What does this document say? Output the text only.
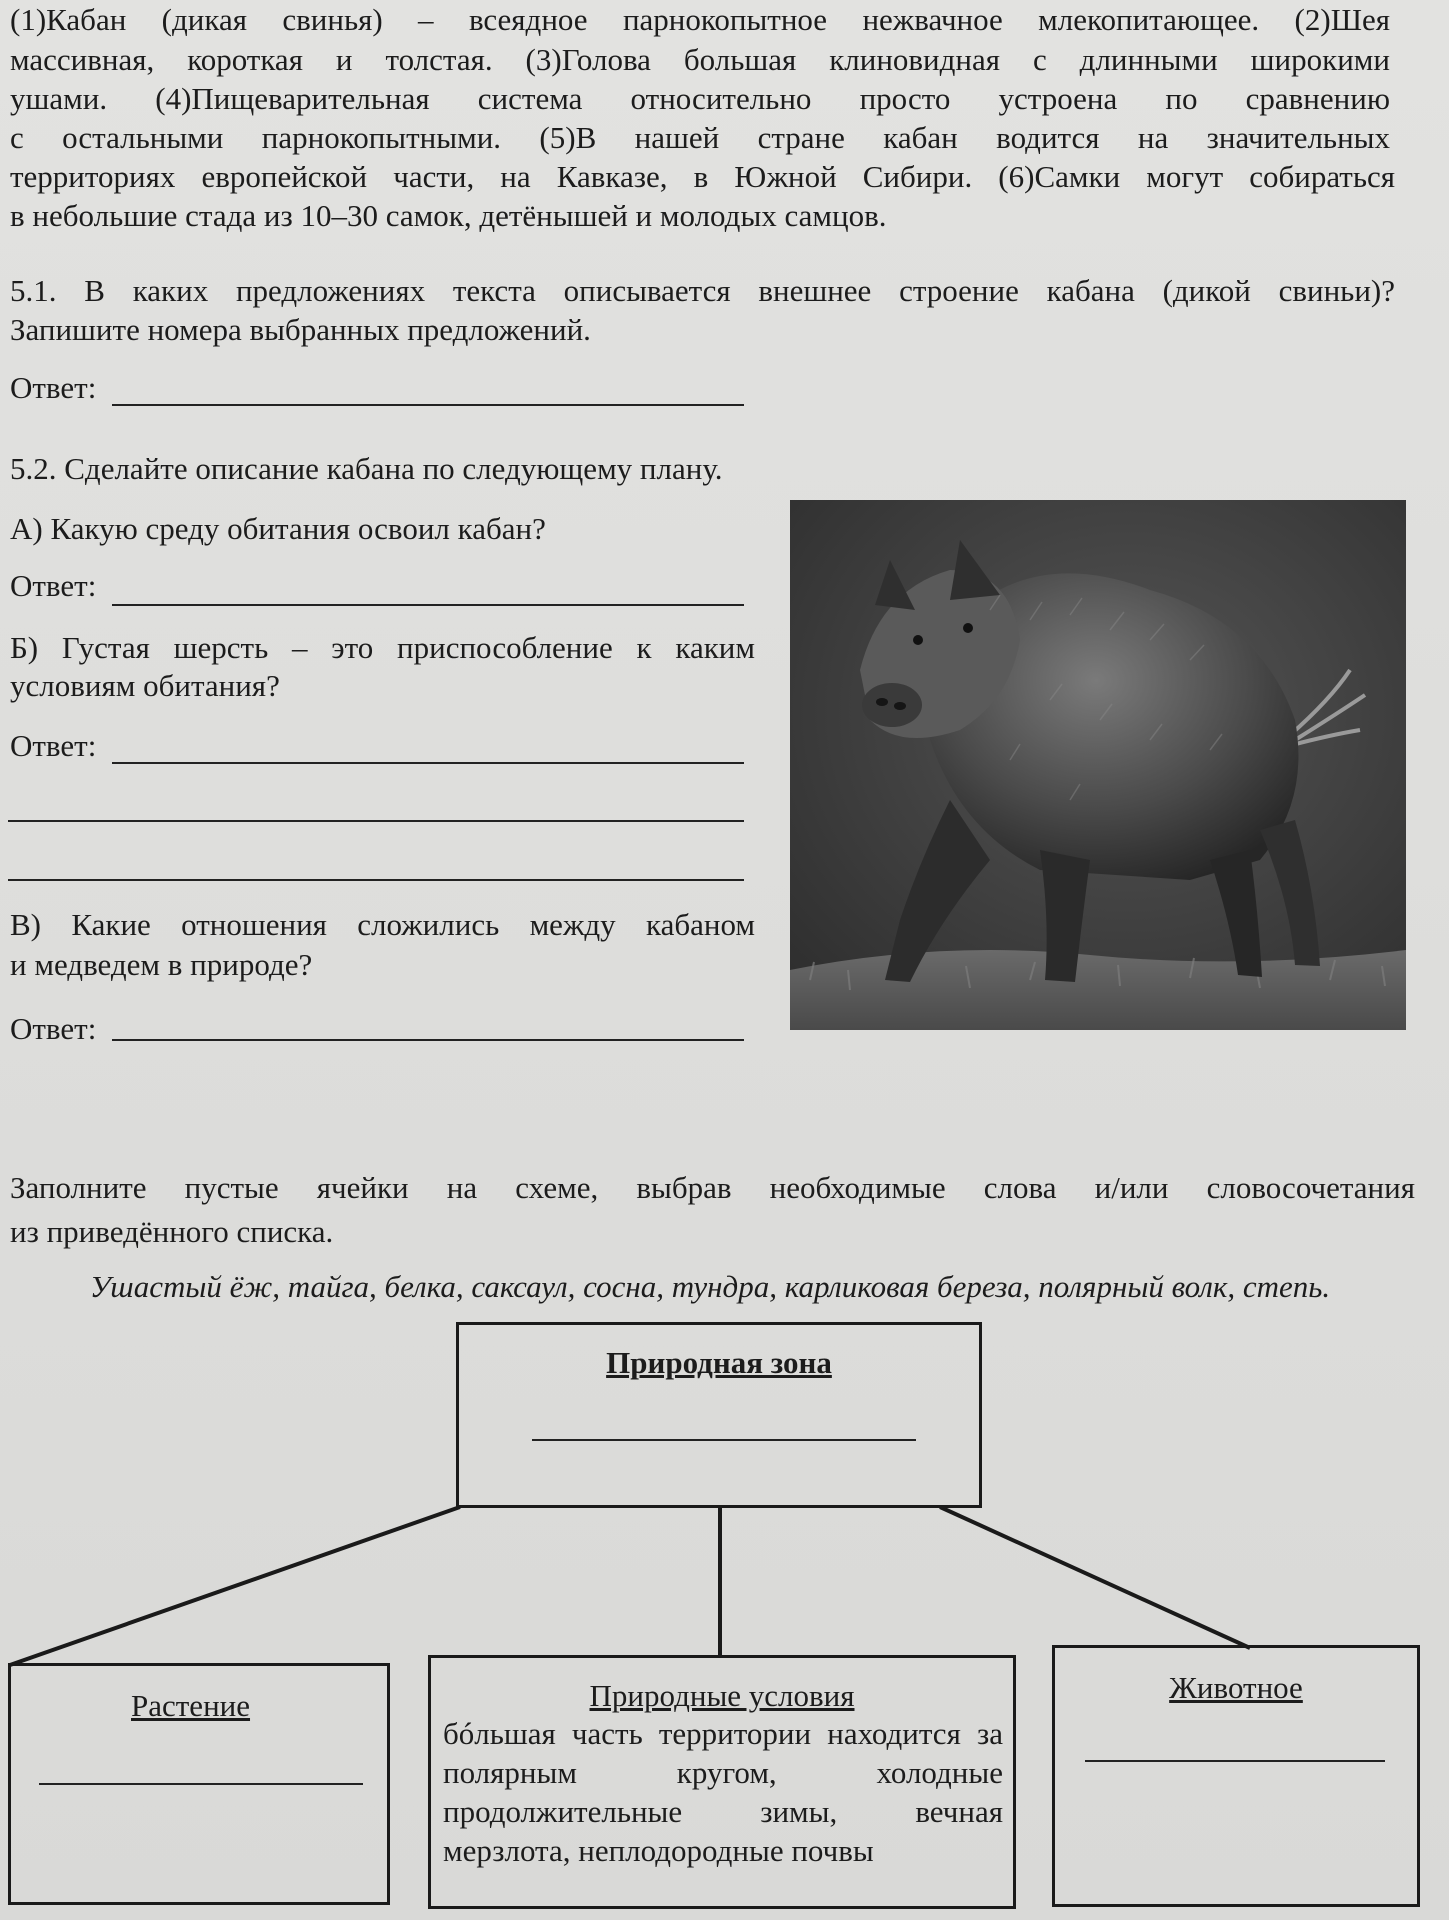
(1)Кабан (дикая свинья) – всеядное парнокопытное нежвачное млекопитающее. (2)Шея
массивная, короткая и толстая. (3)Голова большая клиновидная с длинными широкими
ушами. (4)Пищеварительная система относительно просто устроена по сравнению
с остальными парнокопытными. (5)В нашей стране кабан водится на значительных
территориях европейской части, на Кавказе, в Южной Сибири. (6)Самки могут собираться
в небольшие стада из 10–30 самок, детёнышей и молодых самцов.
5.1. В каких предложениях текста описывается внешнее строение кабана (дикой свиньи)?
Запишите номера выбранных предложений.
Ответ:
5.2. Сделайте описание кабана по следующему плану.
А) Какую среду обитания освоил кабан?
Ответ:
Б) Густая шерсть – это приспособление к каким
условиям обитания?
Ответ:
В) Какие отношения сложились между кабаном
и медведем в природе?
Ответ:
Заполните пустые ячейки на схеме, выбрав необходимые слова и/или словосочетания
из приведённого списка.
Ушастый ёж, тайга, белка, саксаул, сосна, тундра, карликовая береза, полярный волк, степь.
Природная зона
Растение	Природные условия
бóльшая часть территории находится за
полярным кругом, холодные
продолжительные зимы, вечная
мерзлота, неплодородные почвы
Животное
